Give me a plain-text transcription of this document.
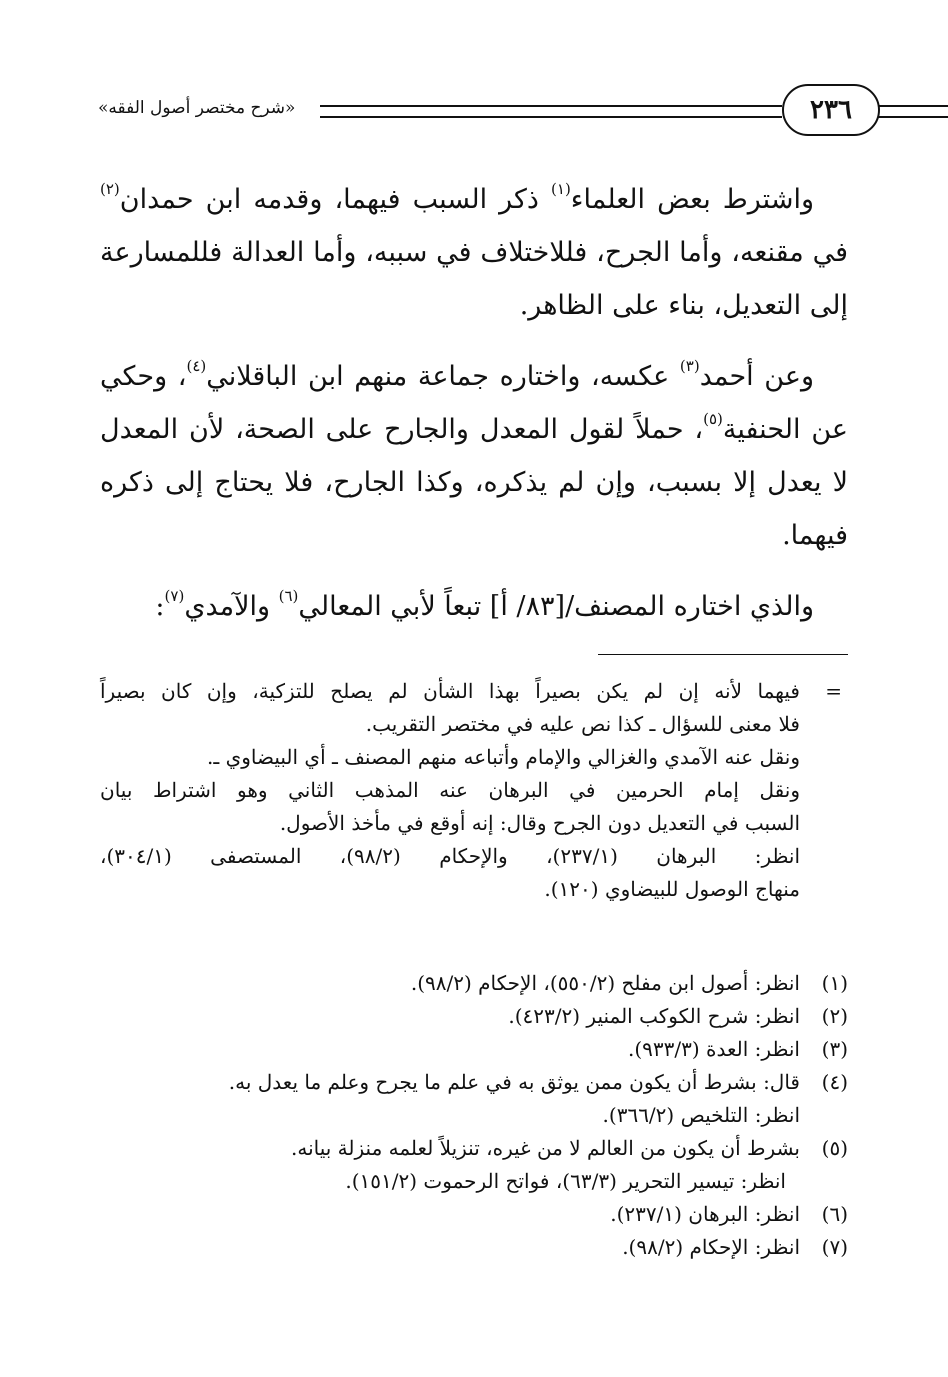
«شرح مختصر أصول الفقه»	٢٣٦
واشترط بعض العلماء$^{(١)}$ ذكر السبب فيهما، وقدمه ابن حمدان$^{(٢)}$ في مقنعه، وأما الجرح، فللاختلاف في سببه، وأما العدالة فللمسارعة إلى التعديل، بناء على الظاهر.
وعن أحمد$^{(٣)}$ عكسه، واختاره جماعة منهم ابن الباقلاني$^{(٤)}$، وحكي عن الحنفية$^{(٥)}$، حملاً لقول المعدل والجارح على الصحة، لأن المعدل لا يعدل إلا بسبب، وإن لم يذكره، وكذا الجارح، فلا يحتاج إلى ذكره فيهما.
والذي اختاره المصنف/[٨٣/ أ] تبعاً لأبي المعالي$^{(٦)}$ والآمدي$^{(٧)}$:
=
فيهما لأنه إن لم يكن بصيراً بهذا الشأن لم يصلح للتزكية، وإن كان بصيراً
فلا معنى للسؤال ـ كذا نص عليه في مختصر التقريب.
ونقل عنه الآمدي والغزالي والإمام وأتباعه منهم المصنف ـ أي البيضاوي ـ.
ونقل إمام الحرمين في البرهان عنه المذهب الثاني وهو اشتراط بيان
السبب في التعديل دون الجرح وقال: إنه أوقع في مأخذ الأصول.
انظر: البرهان (٢٣٧/١)، والإحكام (٩٨/٢)، المستصفى (٣٠٤/١)،
منهاج الوصول للبيضاوي (١٢٠).
(١)انظر: أصول ابن مفلح (٥٥٠/٢)، الإحكام (٩٨/٢).
(٢)انظر: شرح الكوكب المنير (٤٢٣/٢).
(٣)انظر: العدة (٩٣٣/٣).
(٤)قال: بشرط أن يكون ممن يوثق به في علم ما يجرح وعلم ما يعدل به.
انظر: التلخيص (٣٦٦/٢).
(٥)بشرط أن يكون من العالم لا من غيره، تنزيلاً لعلمه منزلة بيانه.
انظر: تيسير التحرير (٦٣/٣)، فواتح الرحموت (١٥١/٢).
(٦)انظر: البرهان (٢٣٧/١).
(٧)انظر: الإحكام (٩٨/٢).
